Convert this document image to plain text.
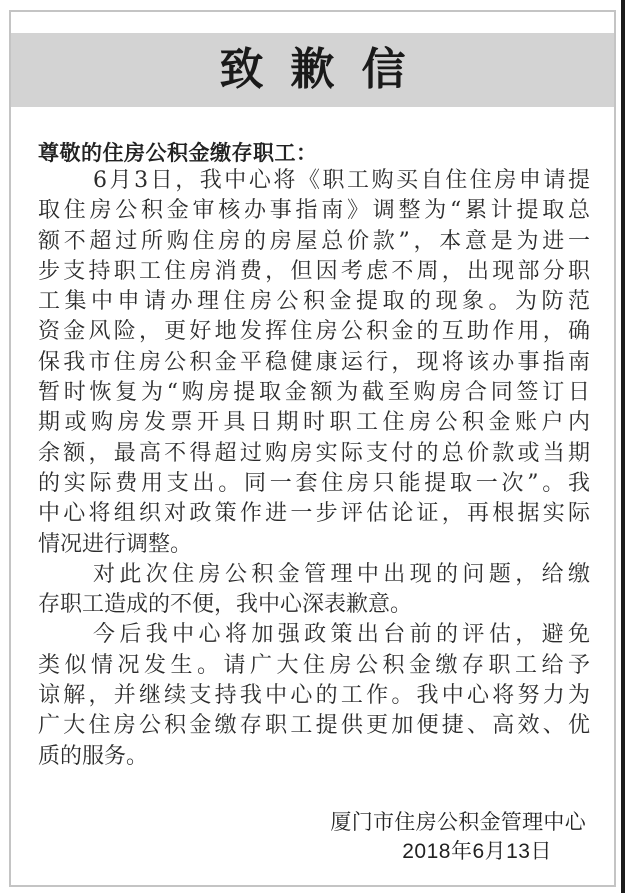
致歉信
尊敬的住房公积金缴存职工：
6月3日，我中心将《职工购买自住住房申请提
取住房公积金审核办事指南》调整为“累计提取总
额不超过所购住房的房屋总价款”，本意是为进一
步支持职工住房消费，但因考虑不周，出现部分职
工集中申请办理住房公积金提取的现象。为防范
资金风险，更好地发挥住房公积金的互助作用，确
保我市住房公积金平稳健康运行，现将该办事指南
暂时恢复为“购房提取金额为截至购房合同签订日
期或购房发票开具日期时职工住房公积金账户内
余额，最高不得超过购房实际支付的总价款或当期
的实际费用支出。同一套住房只能提取一次”。我
中心将组织对政策作进一步评估论证，再根据实际
情况进行调整。
对此次住房公积金管理中出现的问题，给缴
存职工造成的不便，我中心深表歉意。
今后我中心将加强政策出台前的评估，避免
类似情况发生。请广大住房公积金缴存职工给予
谅解，并继续支持我中心的工作。我中心将努力为
广大住房公积金缴存职工提供更加便捷、高效、优
质的服务。
厦门市住房公积金管理中心
2018年6月13日
